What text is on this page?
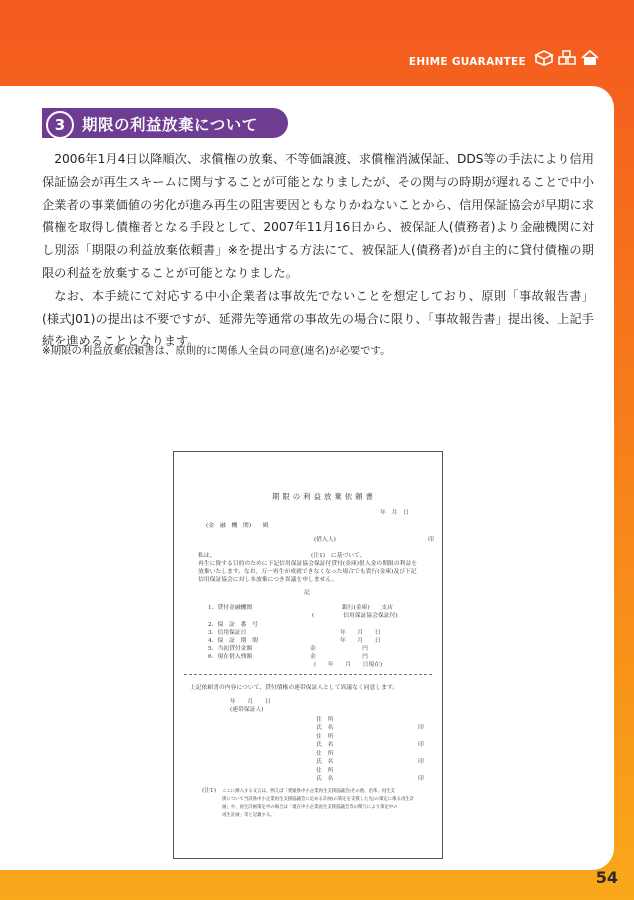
EHIME GUARANTEE
3	期限の利益放棄について

2006年1月4日以降順次、求償権の放棄、不等価譲渡、求償権消滅保証、DDS等の手法により信用保証協会が再生スキームに関与することが可能となりましたが、その関与の時期が遅れることで中小企業者の事業価値の劣化が進み再生の阻害要因ともなりかねないことから、信用保証協会が早期に求償権を取得し債権者となる手段として、2007年11月16日から、被保証人(債務者)より金融機関に対し別添「期限の利益放棄依頼書」※を提出する方法にて、被保証人(債務者)が自主的に貸付債権の期限の利益を放棄することが可能となりました。

なお、本手続にて対応する中小企業者は事故先でないことを想定しており、原則「事故報告書」(様式J01)の提出は不要ですが、延滞先等通常の事故先の場合に限り、「事故報告書」提出後、上記手続を進めることとなります。

※期限の利益放棄依頼書は、原則的に関係人全員の同意(連名)が必要です。
期限の利益放棄依頼書
年　月　日
(金　融　機　関)　　殿
(借入人)	印
私は、　　　　　　　　　　　　　　　　　(注1)　に基づいて、
再生に資する目的のために下記信用保証協会保証付貸付(金庫)借入金の期限の利益を
放棄いたします。なお、万一再生が成就できなくなった場合でも貴行(金庫)及び下記
信用保証協会に対し本放棄につき異議を申しません。
記
1．貸付金融機関	銀行(金庫)　　支店
(　　　　　信用保証協会保証付)
2．保　証　番　号
3．信用保証日	年　　月　　日
4．保　証　期　間	年　　月　　日
5．当初貸付金額	金　　　　　　　　円
6．現在借入残額	金　　　　　　　　円
(　　年　　月　　日現在)
上記依頼書の内容について、貸付債権の連帯保証人として異議なく同意します。
年　　月　　日
(連帯保証人)
住　所
氏　名	印
住　所
氏　名	印
住　所
氏　名	印
住　所
氏　名	印
(注1) ここに挿入する文言は、例えば「愛媛県中小企業再生支援協議会(その他、沿革、再生支
援について当該県中小企業再生支援協議会に定める計画)の策定を支援した先)の策定に係る再生計
画」や、再生計画策定中の場合は「現在中小企業再生支援協議会等の関与により策定中の
再生計画」等と記載する。
54
